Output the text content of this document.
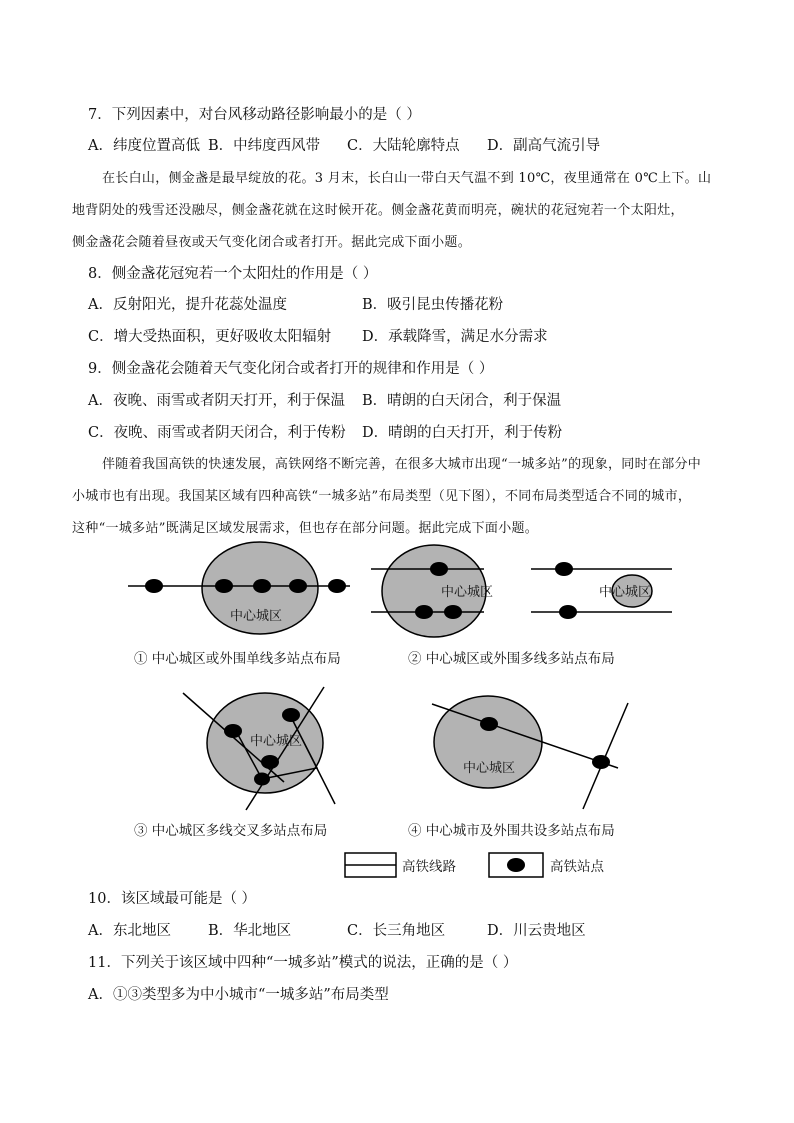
7．下列因素中，对台风移动路径影响最小的是（ ）
A．纬度位置高低 B．中纬度西风带 C．大陆轮廓特点 D．副高气流引导
在长白山，侧金盏是最早绽放的花。3 月末，长白山一带白天气温不到 10℃，夜里通常在 0℃上下。山
地背阴处的残雪还没融尽，侧金盏花就在这时候开花。侧金盏花黄而明亮，碗状的花冠宛若一个太阳灶，
侧金盏花会随着昼夜或天气变化闭合或者打开。据此完成下面小题。
8．侧金盏花冠宛若一个太阳灶的作用是（ ）
A．反射阳光，提升花蕊处温度	B．吸引昆虫传播花粉
C．增大受热面积，更好吸收太阳辐射 D．承载降雪，满足水分需求
9．侧金盏花会随着天气变化闭合或者打开的规律和作用是（ ）
A．夜晚、雨雪或者阴天打开，利于保温 B．晴朗的白天闭合，利于保温
C．夜晚、雨雪或者阴天闭合，利于传粉 D．晴朗的白天打开，利于传粉
伴随着我国高铁的快速发展，高铁网络不断完善，在很多大城市出现“一城多站”的现象，同时在部分中
小城市也有出现。我国某区域有四种高铁“一城多站”布局类型（见下图），不同布局类型适合不同的城市，
这种“一城多站”既满足区域发展需求，但也存在部分问题。据此完成下面小题。
中心城区
中心城区	中心城区
① 中心城区或外围单线多站点布局	② 中心城区或外围多线多站点布局
中心城区
中心城区
③ 中心城区多线交叉多站点布局	④ 中心城市及外围共设多站点布局
高铁线路	高铁站点
10．该区域最可能是（ ）
A．东北地区	B．华北地区	C．长三角地区	D．川云贵地区
11．下列关于该区域中四种“一城多站”模式的说法，正确的是（ ）
A．①③类型多为中小城市“一城多站”布局类型
